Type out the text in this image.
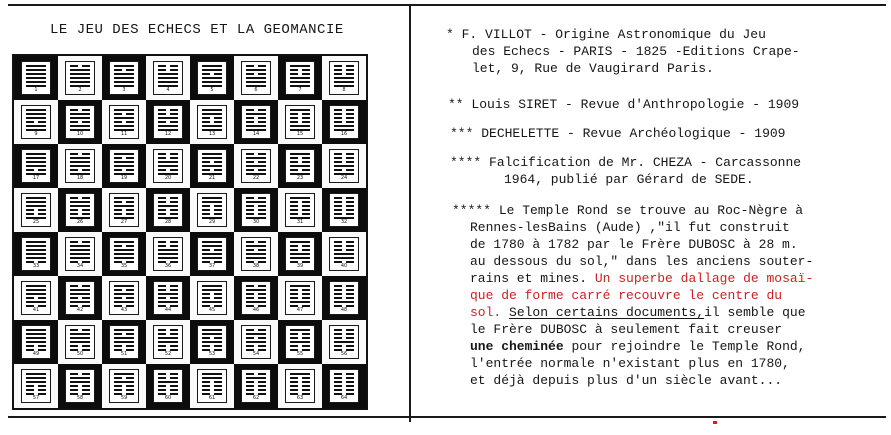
LE JEU DES ECHECS ET LA GEOMANCIE
1	2	3	4	5	6	7	8
9	10	11	12	13	14	15	16
17	18	19	20	21	22	23	24
25	26	27	28	29	30	31	32
33	34	35	36	37	38	39	40
41	42	43	44	45	46	47	48
49	50	51	52	53	54	55	56
57	58	59	60	61	62	63	64
* F. VILLOT - Origine Astronomique du Jeu
des Echecs - PARIS - 1825 -Editions Crape-
let, 9, Rue de Vaugirard Paris.
** Louis SIRET - Revue d'Anthropologie - 1909
*** DECHELETTE - Revue Archéologique - 1909
**** Falcification de Mr. CHEZA - Carcassonne
1964, publié par Gérard de SEDE.
***** Le Temple Rond se trouve au Roc-Nègre à
Rennes-lesBains (Aude) ,"il fut construit
de 1780 à 1782 par le Frère DUBOSC à 28 m.
au dessous du sol," dans les anciens souter-
rains et mines. Un superbe dallage de mosaï-
que de forme carré recouvre le centre du
sol. Selon certains documents,il semble que
le Frère DUBOSC à seulement fait creuser
une cheminée pour rejoindre le Temple Rond,
l'entrée normale n'existant plus en 1780,
et déjà depuis plus d'un siècle avant...
